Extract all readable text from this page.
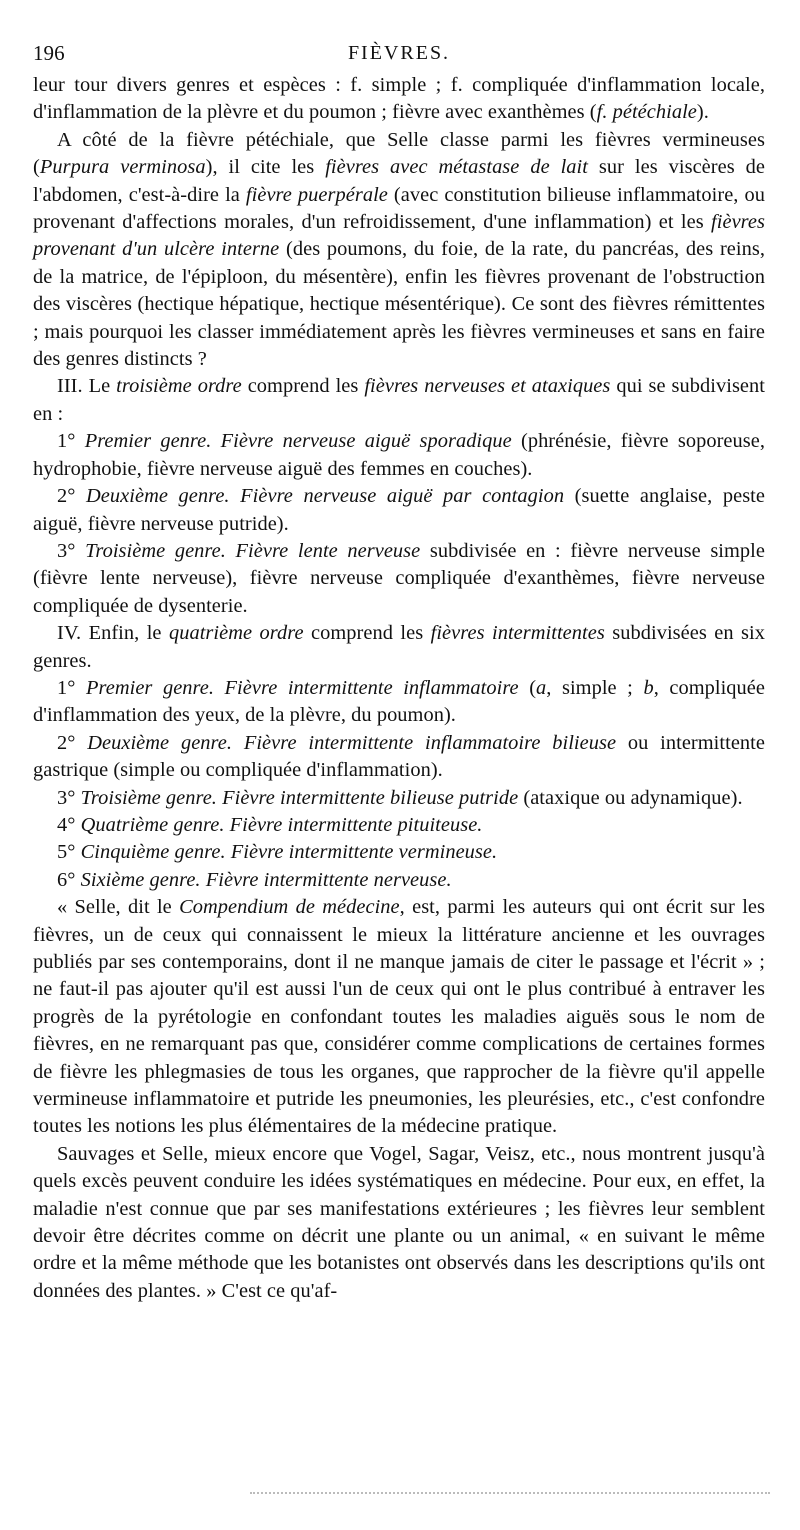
196	FIÈVRES.

leur tour divers genres et espèces : f. simple ; f. compliquée d'inflammation locale, d'inflammation de la plèvre et du poumon ; fièvre avec exanthèmes (f. pétéchiale).

A côté de la fièvre pétéchiale, que Selle classe parmi les fièvres vermineuses (Purpura verminosa), il cite les fièvres avec métastase de lait sur les viscères de l'abdomen, c'est-à-dire la fièvre puerpérale (avec constitution bilieuse inflammatoire, ou provenant d'affections morales, d'un refroidissement, d'une inflammation) et les fièvres provenant d'un ulcère interne (des poumons, du foie, de la rate, du pancréas, des reins, de la matrice, de l'épiploon, du mésentère), enfin les fièvres provenant de l'obstruction des viscères (hectique hépatique, hectique mésentérique). Ce sont des fièvres rémittentes ; mais pourquoi les classer immédiatement après les fièvres vermineuses et sans en faire des genres distincts ?

III. Le troisième ordre comprend les fièvres nerveuses et ataxiques qui se subdivisent en :

1° Premier genre. Fièvre nerveuse aiguë sporadique (phrénésie, fièvre soporeuse, hydrophobie, fièvre nerveuse aiguë des femmes en couches).

2° Deuxième genre. Fièvre nerveuse aiguë par contagion (suette anglaise, peste aiguë, fièvre nerveuse putride).

3° Troisième genre. Fièvre lente nerveuse subdivisée en : fièvre nerveuse simple (fièvre lente nerveuse), fièvre nerveuse compliquée d'exanthèmes, fièvre nerveuse compliquée de dysenterie.

IV. Enfin, le quatrième ordre comprend les fièvres intermittentes subdivisées en six genres.

1° Premier genre. Fièvre intermittente inflammatoire (a, simple ; b, compliquée d'inflammation des yeux, de la plèvre, du poumon).

2° Deuxième genre. Fièvre intermittente inflammatoire bilieuse ou intermittente gastrique (simple ou compliquée d'inflammation).

3° Troisième genre. Fièvre intermittente bilieuse putride (ataxique ou adynamique).

4° Quatrième genre. Fièvre intermittente pituiteuse.

5° Cinquième genre. Fièvre intermittente vermineuse.

6° Sixième genre. Fièvre intermittente nerveuse.

« Selle, dit le Compendium de médecine, est, parmi les auteurs qui ont écrit sur les fièvres, un de ceux qui connaissent le mieux la littérature ancienne et les ouvrages publiés par ses contemporains, dont il ne manque jamais de citer le passage et l'écrit » ; ne faut-il pas ajouter qu'il est aussi l'un de ceux qui ont le plus contribué à entraver les progrès de la pyrétologie en confondant toutes les maladies aiguës sous le nom de fièvres, en ne remarquant pas que, considérer comme complications de certaines formes de fièvre les phlegmasies de tous les organes, que rapprocher de la fièvre qu'il appelle vermineuse inflammatoire et putride les pneumonies, les pleurésies, etc., c'est confondre toutes les notions les plus élémentaires de la médecine pratique.

Sauvages et Selle, mieux encore que Vogel, Sagar, Veisz, etc., nous montrent jusqu'à quels excès peuvent conduire les idées systématiques en médecine. Pour eux, en effet, la maladie n'est connue que par ses manifestations extérieures ; les fièvres leur semblent devoir être décrites comme on décrit une plante ou un animal, « en suivant le même ordre et la même méthode que les botanistes ont observés dans les descriptions qu'ils ont données des plantes. » C'est ce qu'af-
